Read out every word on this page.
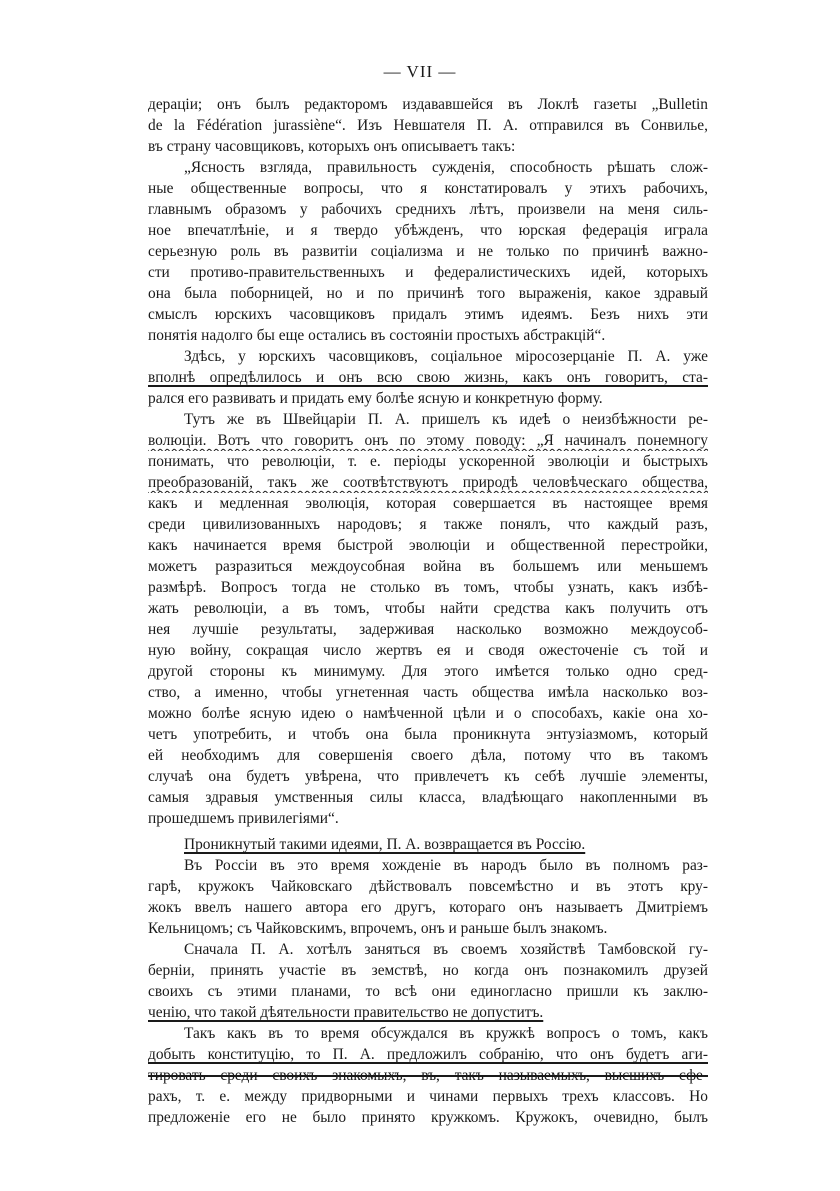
— VII —
дераціи; онъ былъ редакторомъ издававшейся въ Локлѣ газеты „Bulletin
de la Fédération jurassiène“. Изъ Невшателя П. А. отправился въ Сонвилье,
въ страну часовщиковъ, которыхъ онъ описываетъ такъ:
„Ясность взгляда, правильность сужденія, способность рѣшать слож-
ные общественные вопросы, что я констатировалъ у этихъ рабочихъ,
главнымъ образомъ у рабочихъ среднихъ лѣтъ, произвели на меня силь-
ное впечатлѣніе, и я твердо убѣжденъ, что юрская федерація играла
серьезную роль въ развитіи соціализма и не только по причинѣ важно-
сти противо-правительственныхъ и федералистическихъ идей, которыхъ
она была поборницей, но и по причинѣ того выраженія, какое здравый
смыслъ юрскихъ часовщиковъ придалъ этимъ идеямъ. Безъ нихъ эти
понятія надолго бы еще остались въ состояніи простыхъ абстракцій“.
Здѣсь, у юрскихъ часовщиковъ, соціальное міросозерцаніе П. А. уже
вполнѣ опредѣлилось и онъ всю свою жизнь, какъ онъ говоритъ, ста-
рался его развивать и придать ему болѣе ясную и конкретную форму.
Тутъ же въ Швейцаріи П. А. пришелъ къ идеѣ о неизбѣжности ре-
волюціи. Вотъ что говоритъ онъ по этому поводу: „Я начиналъ понемногу
понимать, что революціи, т. е. періоды ускоренной эволюціи и быстрыхъ
преобразованій, такъ же соотвѣтствуютъ природѣ человѣческаго общества,
какъ и медленная эволюція, которая совершается въ настоящее время
среди цивилизованныхъ народовъ; я также понялъ, что каждый разъ,
какъ начинается время быстрой эволюціи и общественной перестройки,
можетъ разразиться междоусобная война въ большемъ или меньшемъ
размѣрѣ. Вопросъ тогда не столько въ томъ, чтобы узнать, какъ избѣ-
жать революціи, а въ томъ, чтобы найти средства какъ получить отъ
нея лучшіе результаты, задерживая насколько возможно междоусоб-
ную войну, сокращая число жертвъ ея и сводя ожесточеніе съ той и
другой стороны къ минимуму. Для этого имѣется только одно сред-
ство, а именно, чтобы угнетенная часть общества имѣла насколько воз-
можно болѣе ясную идею о намѣченной цѣли и о способахъ, какіе она хо-
четъ употребить, и чтобъ она была проникнута энтузіазмомъ, который
ей необходимъ для совершенія своего дѣла, потому что въ такомъ
случаѣ она будетъ увѣрена, что привлечетъ къ себѣ лучшіе элементы,
самыя здравыя умственныя силы класса, владѣющаго накопленными въ
прошедшемъ привилегіями“.
Проникнутый такими идеями, П. А. возвращается въ Россію.
Въ Россіи въ это время хожденіе въ народъ было въ полномъ раз-
гарѣ, кружокъ Чайковскаго дѣйствовалъ повсемѣстно и въ этотъ кру-
жокъ ввелъ нашего автора его другъ, котораго онъ называетъ Дмитріемъ
Кельницомъ; съ Чайковскимъ, впрочемъ, онъ и раньше былъ знакомъ.
Сначала П. А. хотѣлъ заняться въ своемъ хозяйствѣ Тамбовской гу-
берніи, принять участіе въ земствѣ, но когда онъ познакомилъ друзей
своихъ съ этими планами, то всѣ они единогласно пришли къ заклю-
ченію, что такой дѣятельности правительство не допуститъ.
Такъ какъ въ то время обсуждался въ кружкѣ вопросъ о томъ, какъ
добыть конституцію, то П. А. предложилъ собранію, что онъ будетъ аги-
тировать среди своихъ знакомыхъ, въ, такъ называемыхъ, высшихъ сфе-
рахъ, т. е. между придворными и чинами первыхъ трехъ классовъ. Но
предложеніе его не было принято кружкомъ. Кружокъ, очевидно, былъ
